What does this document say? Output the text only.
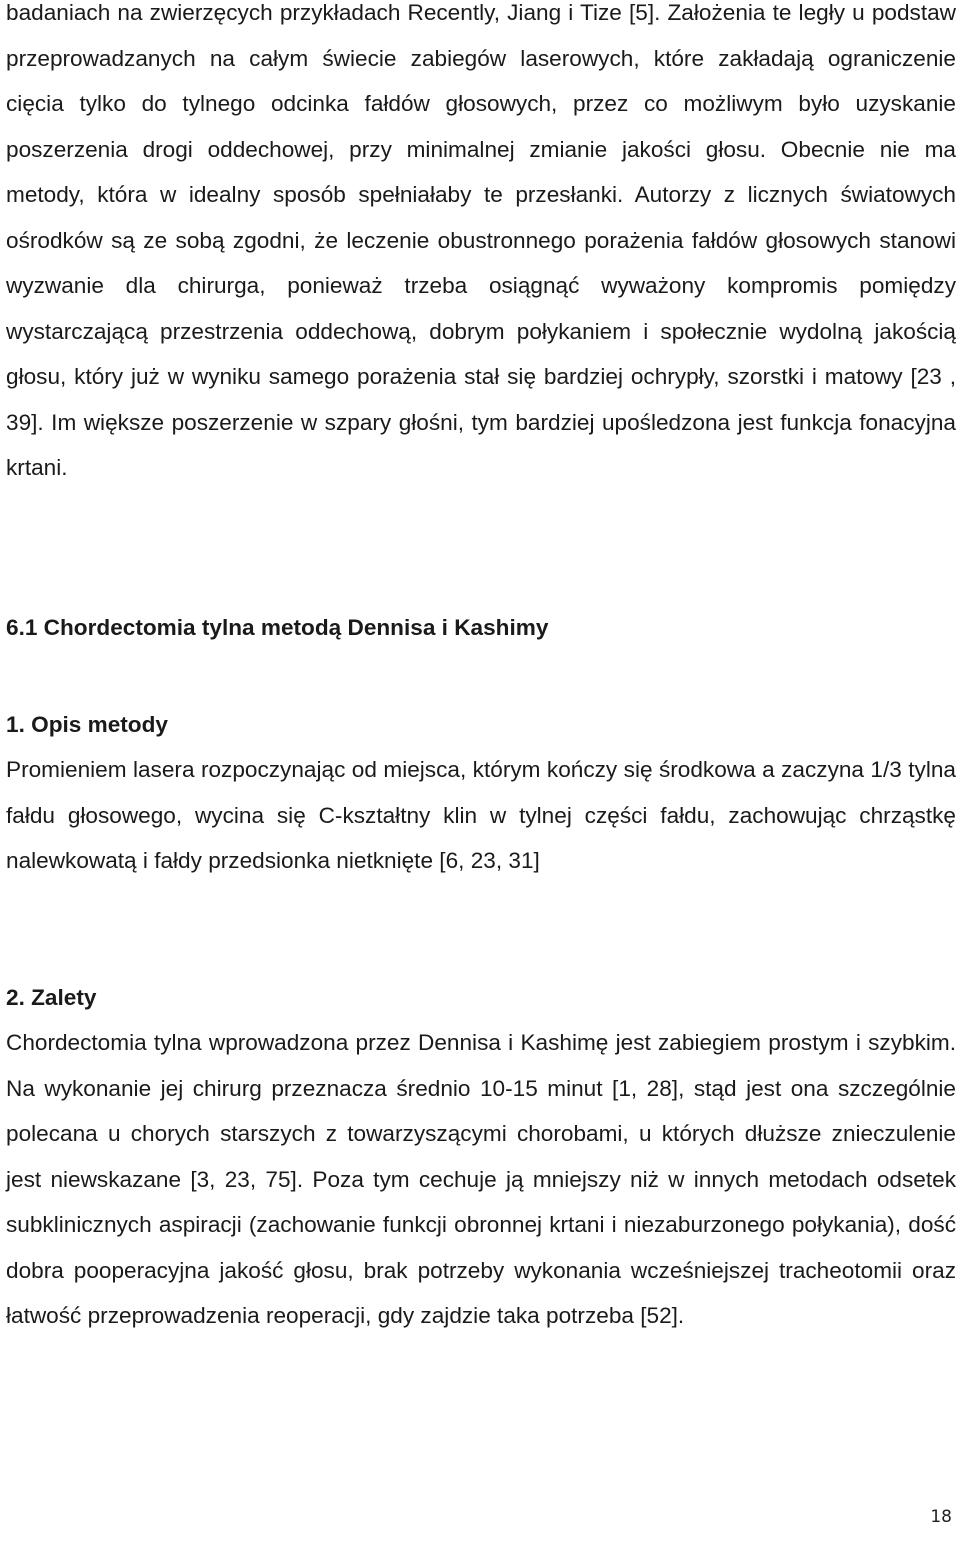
badaniach na zwierzęcych przykładach Recently, Jiang i Tize [5]. Założenia te legły u podstaw przeprowadzanych na całym świecie zabiegów laserowych, które zakładają ograniczenie cięcia tylko do tylnego odcinka fałdów głosowych, przez co możliwym było uzyskanie poszerzenia drogi oddechowej, przy minimalnej zmianie jakości głosu. Obecnie nie ma metody, która w idealny sposób spełniałaby te przesłanki. Autorzy z licznych światowych ośrodków są ze sobą zgodni, że leczenie obustronnego porażenia fałdów głosowych stanowi wyzwanie dla chirurga, ponieważ trzeba osiągnąć wyważony kompromis pomiędzy wystarczającą przestrzenia oddechową, dobrym połykaniem i społecznie wydolną jakością głosu, który już w wyniku samego porażenia stał się bardziej ochrypły, szorstki i matowy [23 , 39]. Im większe poszerzenie w szpary głośni, tym bardziej upośledzona jest funkcja fonacyjna krtani.

6.1 Chordectomia tylna metodą Dennisa i Kashimy
1. Opis metody

Promieniem lasera rozpoczynając od miejsca, którym kończy się środkowa a zaczyna 1/3 tylna fałdu głosowego, wycina się C-kształtny klin w tylnej części fałdu, zachowując chrząstkę nalewkowatą i fałdy przedsionka nietknięte [6, 23, 31]

2. Zalety

Chordectomia tylna wprowadzona przez Dennisa i Kashimę jest zabiegiem prostym i szybkim. Na wykonanie jej chirurg przeznacza średnio 10-15 minut [1, 28], stąd jest ona szczególnie polecana u chorych starszych z towarzyszącymi chorobami, u których dłuższe znieczulenie jest niewskazane [3, 23, 75]. Poza tym cechuje ją mniejszy niż w innych metodach odsetek subklinicznych aspiracji (zachowanie funkcji obronnej krtani i niezaburzonego połykania), dość dobra pooperacyjna jakość głosu, brak potrzeby wykonania wcześniejszej tracheotomii oraz łatwość przeprowadzenia reoperacji, gdy zajdzie taka potrzeba [52].

18
